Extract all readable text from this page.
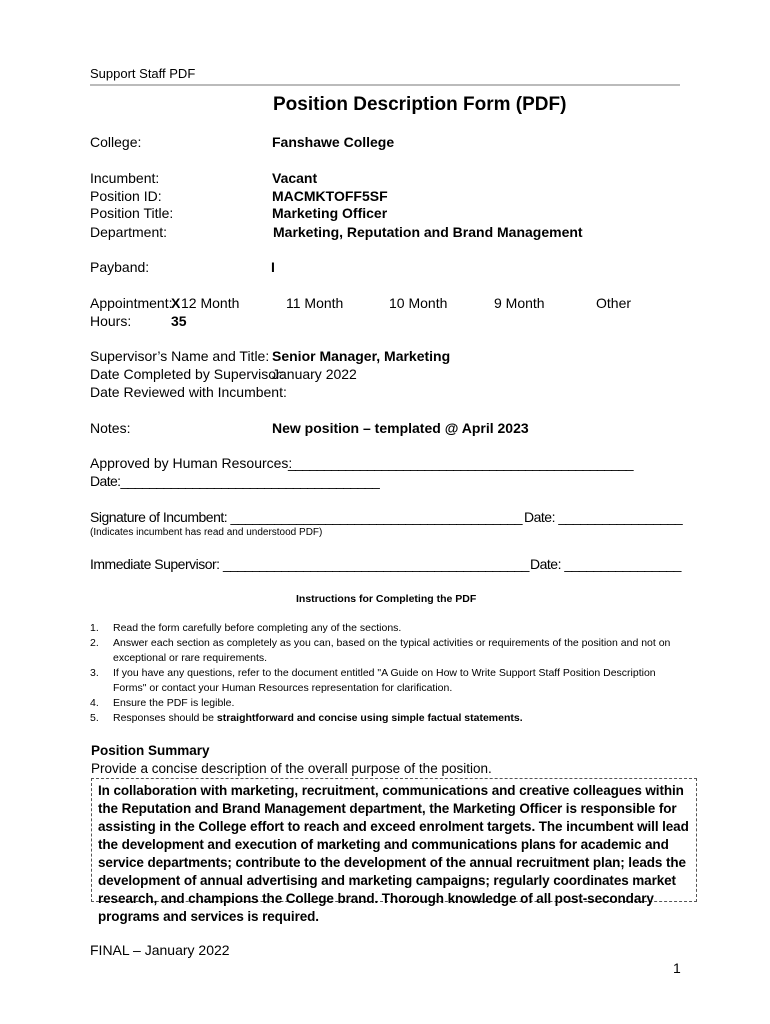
Support Staff PDF
Position Description Form (PDF)
College:	Fanshawe College
Incumbent:	Vacant
Position ID:	MACMKTOFF5SF
Position Title:	Marketing Officer
Department:	Marketing, Reputation and Brand Management
Payband:	I
Appointment:
X 12 Month	11 Month	10 Month	9 Month	Other
Hours:	35
Supervisor’s Name and Title: Senior Manager, Marketing
Date Completed by Supervisor:
January 2022
Date Reviewed with Incumbent:
Notes:	New position – templated @ April 2023
Approved by Human Resources:
________________________________________________
Date:____________________________________
Signature of Incumbent: ________________________________________ Date: _________________
(Indicates incumbent has read and understood PDF)
Immediate Supervisor: __________________________________________ Date: ________________
Instructions for Completing the PDF
1.	Read the form carefully before completing any of the sections.
2.	Answer each section as completely as you can, based on the typical activities or requirements of the position and not on exceptional or rare requirements.
3.	If you have any questions, refer to the document entitled "A Guide on How to Write Support Staff Position Description Forms" or contact your Human Resources representation for clarification.
4.	Ensure the PDF is legible.
5.	Responses should be straightforward and concise using simple factual statements.
Position Summary
Provide a concise description of the overall purpose of the position.
In collaboration with marketing, recruitment, communications and creative colleagues within the Reputation and Brand Management department, the Marketing Officer is responsible for assisting in the College effort to reach and exceed enrolment targets. The incumbent will lead the development and execution of marketing and communications plans for academic and service departments; contribute to the development of the annual recruitment plan; leads the development of annual advertising and marketing campaigns; regularly coordinates market research, and champions the College brand. Thorough knowledge of all post-secondary programs and services is required.
FINAL – January 2022
1
